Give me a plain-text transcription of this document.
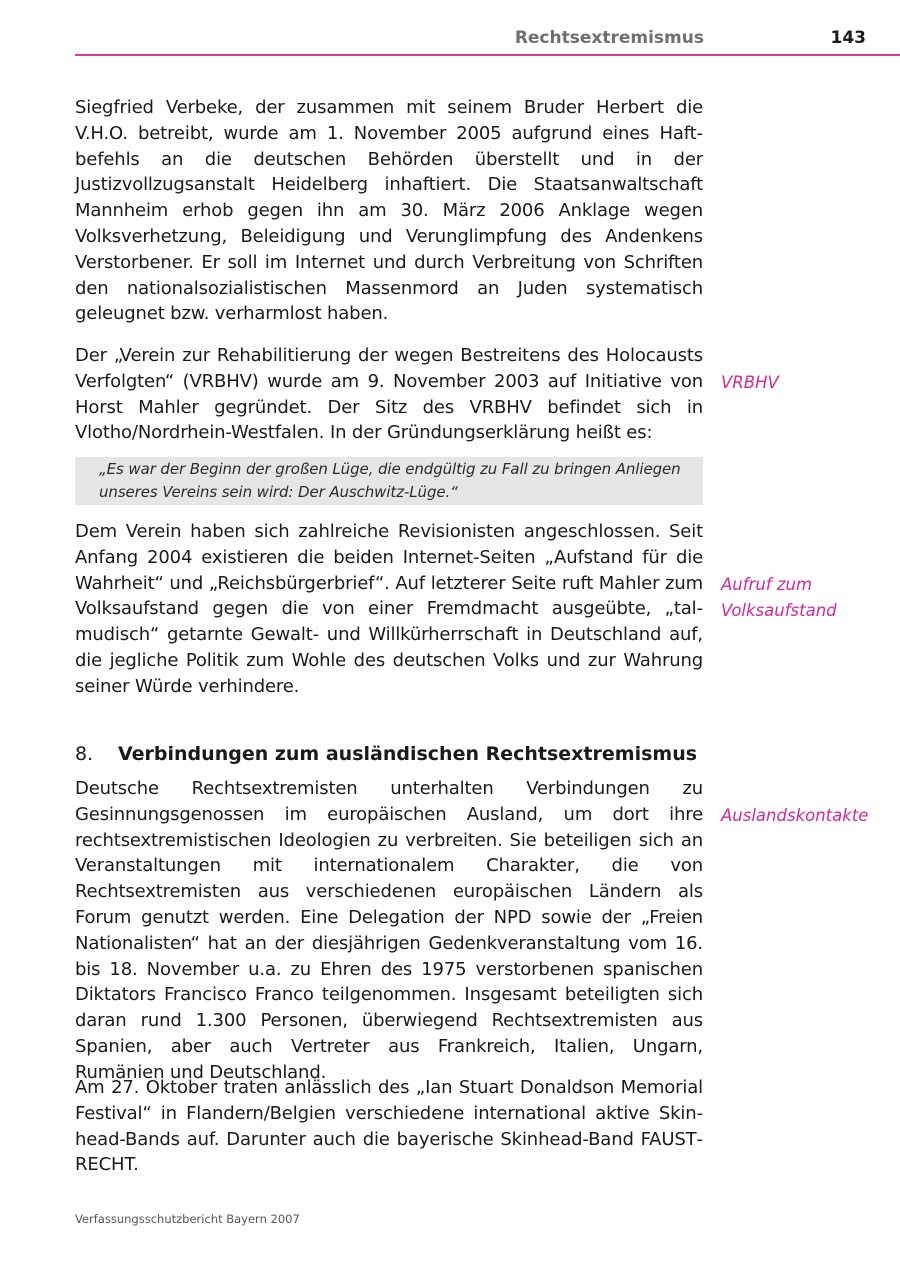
Rechtsextremismus	143

Siegfried Verbeke, der zusammen mit seinem Bruder Herbert die V.H.O. betreibt, wurde am 1. November 2005 aufgrund eines Haftbefehls an die deutschen Behörden überstellt und in der Justizvollzugsanstalt Heidelberg inhaftiert. Die Staatsanwaltschaft Mannheim erhob gegen ihn am 30. März 2006 Anklage wegen Volksverhetzung, Beleidigung und Verunglimpfung des Andenkens Verstorbener. Er soll im Internet und durch Verbreitung von Schriften den nationalsozialistischen Massenmord an Juden systematisch geleugnet bzw. verharmlost haben.

Der „Verein zur Rehabilitierung der wegen Bestreitens des Holocausts Verfolgten“ (VRBHV) wurde am 9. November 2003 auf Initiative von Horst Mahler gegründet. Der Sitz des VRBHV befindet sich in Vlotho/Nordrhein-Westfalen. In der Gründungserklärung heißt es:

„Es war der Beginn der großen Lüge, die endgültig zu Fall zu bringen Anliegen unseres Vereins sein wird: Der Auschwitz-Lüge.“

Dem Verein haben sich zahlreiche Revisionisten angeschlossen. Seit Anfang 2004 existieren die beiden Internet-Seiten „Aufstand für die Wahrheit“ und „Reichsbürgerbrief“. Auf letzterer Seite ruft Mahler zum Volksaufstand gegen die von einer Fremdmacht ausgeübte, „talmudisch“ getarnte Gewalt- und Willkürherrschaft in Deutschland auf, die jegliche Politik zum Wohle des deutschen Volks und zur Wahrung seiner Würde verhindere.

8. Verbindungen zum ausländischen Rechtsextremismus

Deutsche Rechtsextremisten unterhalten Verbindungen zu Gesinnungsgenossen im europäischen Ausland, um dort ihre rechtsextremistischen Ideologien zu verbreiten. Sie beteiligen sich an Veranstaltungen mit internationalem Charakter, die von Rechtsextremisten aus verschiedenen europäischen Ländern als Forum genutzt werden. Eine Delegation der NPD sowie der „Freien Nationalisten“ hat an der diesjährigen Gedenkveranstaltung vom 16. bis 18. November u.a. zu Ehren des 1975 verstorbenen spanischen Diktators Francisco Franco teilgenommen. Insgesamt beteiligten sich daran rund 1.300 Personen, überwiegend Rechtsextremisten aus Spanien, aber auch Vertreter aus Frankreich, Italien, Ungarn, Rumänien und Deutschland.

Am 27. Oktober traten anlässlich des „Ian Stuart Donaldson Memorial Festival“ in Flandern/Belgien verschiedene international aktive Skinhead-Bands auf. Darunter auch die bayerische Skinhead-Band FAUSTRECHT.

VRBHV
Aufruf zum
Volksaufstand
Auslandskontakte
Verfassungsschutzbericht Bayern 2007
